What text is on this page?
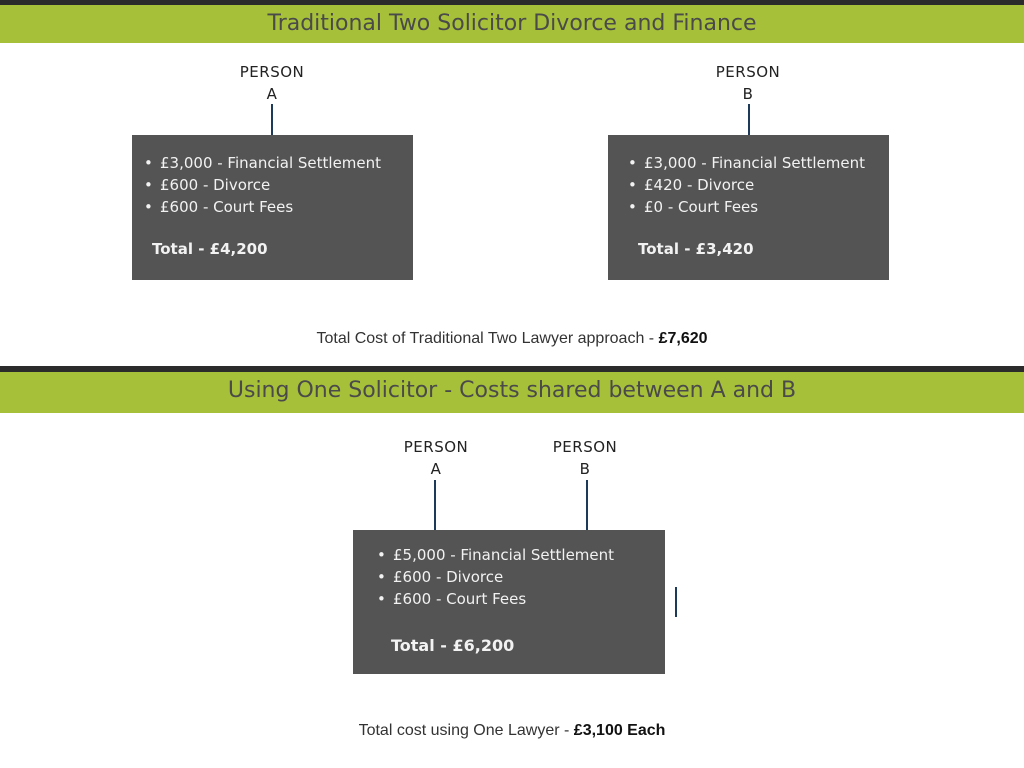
Traditional Two Solicitor Divorce and Finance
PERSON
A
PERSON
B
• £3,000 - Financial Settlement
• £600 - Divorce
• £600 - Court Fees
Total - £4,200
• £3,000 - Financial Settlement
• £420 - Divorce
• £0 - Court Fees
Total - £3,420
Total Cost of Traditional Two Lawyer approach - £7,620
Using One Solicitor - Costs shared between A and B
PERSON
A
PERSON
B
• £5,000 - Financial Settlement
• £600 - Divorce
• £600 - Court Fees
Total - £6,200
Total cost using One Lawyer - £3,100 Each
